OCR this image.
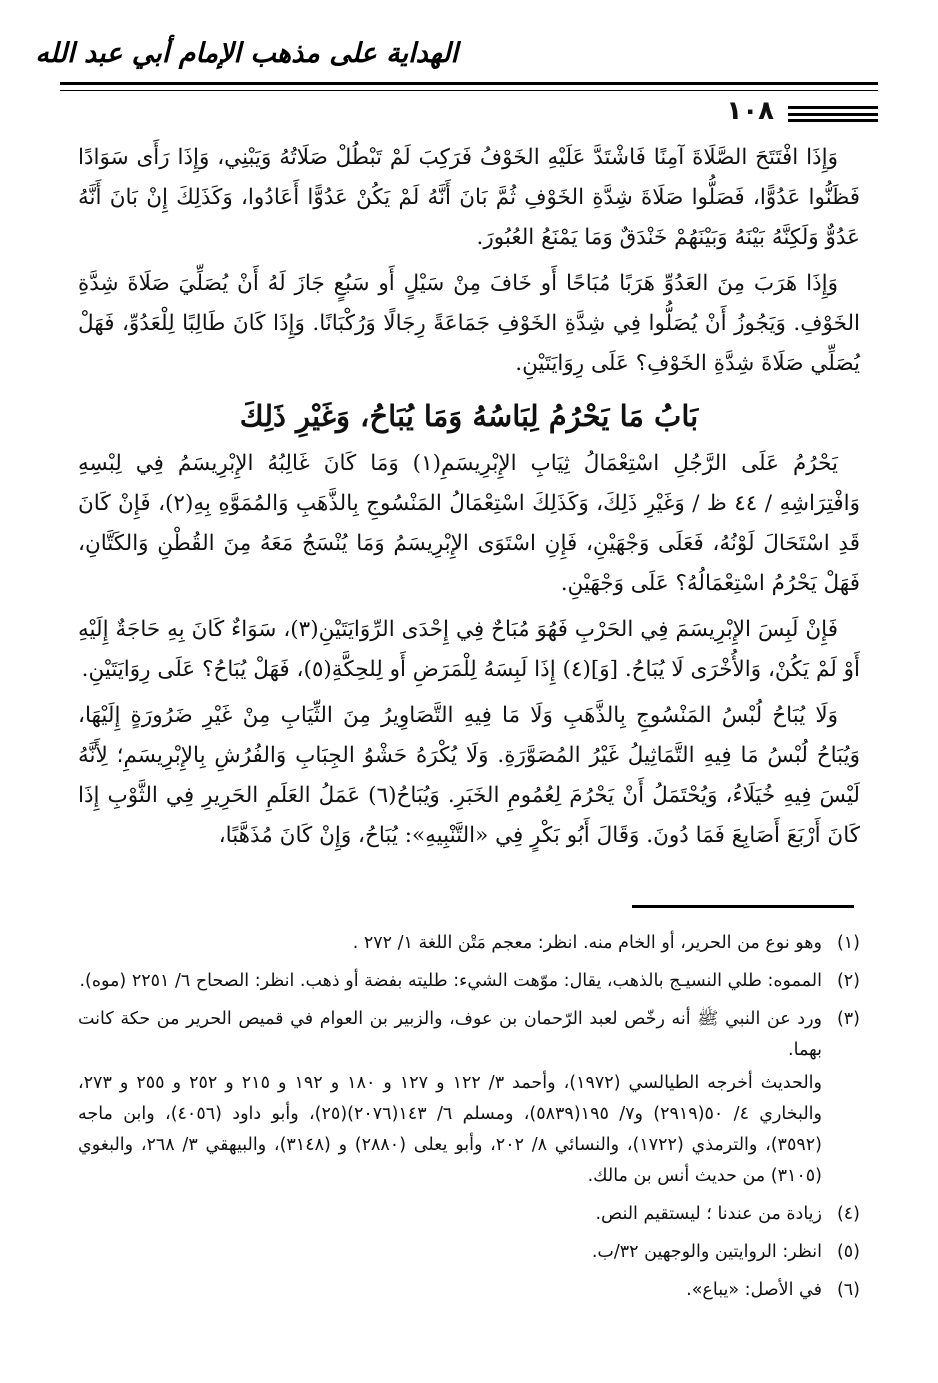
الهداية على مذهب الإمام أبي عبد الله
١٠٨

وَإِذَا افْتَتَحَ الصَّلَاةَ آمِنًا فَاشْتَدَّ عَلَيْهِ الخَوْفُ فَرَكِبَ لَمْ تَبْطُلْ صَلَاتُهُ وَيَبْنِي، وَإِذَا رَأَى سَوَادًا فَظَنُّوا عَدُوًّا، فَصَلُّوا صَلَاةَ شِدَّةِ الخَوْفِ ثُمَّ بَانَ أَنَّهُ لَمْ يَكُنْ عَدُوًّا أَعَادُوا، وَكَذَلِكَ إِنْ بَانَ أَنَّهُ عَدُوٌّ وَلَكِنَّهُ بَيْنَهُ وَبَيْنَهُمْ خَنْدَقٌ وَمَا يَمْنَعُ العُبُورَ.

وَإِذَا هَرَبَ مِنَ العَدُوِّ هَرَبًا مُبَاحًا أَو خَافَ مِنْ سَيْلٍ أَو سَبُعٍ جَازَ لَهُ أَنْ يُصَلِّيَ صَلَاةَ شِدَّةِ الخَوْفِ. وَيَجُوزُ أَنْ يُصَلُّوا فِي شِدَّةِ الخَوْفِ جَمَاعَةً رِجَالًا وَرُكْبَانًا. وَإِذَا كَانَ طَالِبًا لِلْعَدُوِّ، فَهَلْ يُصَلِّي صَلَاةَ شِدَّةِ الخَوْفِ؟ عَلَى رِوَايَتَيْنِ.

بَابُ مَا يَحْرُمُ لِبَاسُهُ وَمَا يُبَاحُ، وَغَيْرِ ذَلِكَ

يَحْرُمُ عَلَى الرَّجُلِ اسْتِعْمَالُ ثِيَابِ الإِبْرِيسَمِ(١) وَمَا كَانَ غَالِبُهُ الإِبْرِيسَمُ فِي لِبْسِهِ وَافْتِرَاشِهِ / ٤٤ ظ / وَغَيْرِ ذَلِكَ، وَكَذَلِكَ اسْتِعْمَالُ المَنْسُوجِ بِالذَّهَبِ وَالمُمَوَّهِ بِهِ(٢)، فَإِنْ كَانَ قَدِ اسْتَحَالَ لَوْنُهُ، فَعَلَى وَجْهَيْنِ، فَإِنِ اسْتَوَى الإِبْرِيسَمُ وَمَا يُنْسَجُ مَعَهُ مِنَ القُطْنِ وَالكَتَّانِ، فَهَلْ يَحْرُمُ اسْتِعْمَالُهُ؟ عَلَى وَجْهَيْنِ.

فَإِنْ لَبِسَ الإِبْرِيسَمَ فِي الحَرْبِ فَهُوَ مُبَاحٌ فِي إِحْدَى الرِّوَايَتَيْنِ(٣)، سَوَاءٌ كَانَ بِهِ حَاجَةٌ إِلَيْهِ أَوْ لَمْ يَكُنْ، وَالأُخْرَى لَا يُبَاحُ. [وَ](٤) إِذَا لَبِسَهُ لِلْمَرَضِ أَو لِلحِكَّةِ(٥)، فَهَلْ يُبَاحُ؟ عَلَى رِوَايَتَيْنِ.

وَلَا يُبَاحُ لُبْسُ المَنْسُوجِ بِالذَّهَبِ وَلَا مَا فِيهِ التَّصَاوِيرُ مِنَ الثِّيَابِ مِنْ غَيْرِ ضَرُورَةٍ إِلَيْهَا، وَيُبَاحُ لُبْسُ مَا فِيهِ التَّمَاثِيلُ غَيْرُ المُصَوَّرَةِ. وَلَا يُكْرَهُ حَشْوُ الجِبَابِ وَالفُرُشِ بِالإِبْرِيسَمِ؛ لِأَنَّهُ لَيْسَ فِيهِ خُيَلَاءُ، وَيُحْتَمَلُ أَنْ يَحْرُمَ لِعُمُومِ الخَبَرِ. وَيُبَاحُ(٦) عَمَلُ العَلَمِ الحَرِيرِ فِي الثَّوْبِ إِذَا كَانَ أَرْبَعَ أَصَابِعَ فَمَا دُونَ. وَقَالَ أَبُو بَكْرٍ فِي «التَّنْبِيهِ»: يُبَاحُ، وَإِنْ كَانَ مُذَهَّبًا،

(١)
وهو نوع من الحرير، أو الخام منه. انظر: معجم مَتْن اللغة ١/ ٢٧٢ .
(٢)
المموه: طلي النسيـج بالذهب، يقال: موّهت الشيء: طليته بفضة أو ذهب. انظر: الصحاح ٦/ ٢٢٥١ (موه).
(٣)
ورد عن النبي ﷺ أنه رخّص لعبد الرّحمان بن عوف، والزبير بن العوام في قميص الحرير من حكة كانت بهما.
والحديث أخرجه الطيالسي (١٩٧٢)، وأحمد ٣/ ١٢٢ و ١٢٧ و ١٨٠ و ١٩٢ و ٢١٥ و ٢٥٢ و ٢٥٥ و ٢٧٣، والبخاري ٤/ ٥٠(٢٩١٩) و٧/ ١٩٥(٥٨٣٩)، ومسلم ٦/ ١٤٣(٢٠٧٦)(٢٥)، وأبو داود (٤٠٥٦)، وابن ماجه (٣٥٩٢)، والترمذي (١٧٢٢)، والنسائي ٨/ ٢٠٢، وأبو يعلى (٢٨٨٠) و (٣١٤٨)، والبيهقي ٣/ ٢٦٨، والبغوي (٣١٠٥) من حديث أنس بن مالك.
(٤)
زيادة من عندنا ؛ ليستقيم النص.
(٥)
انظر: الروايتين والوجهين ٣٢/ب.
(٦)
في الأصل: «يباع».
